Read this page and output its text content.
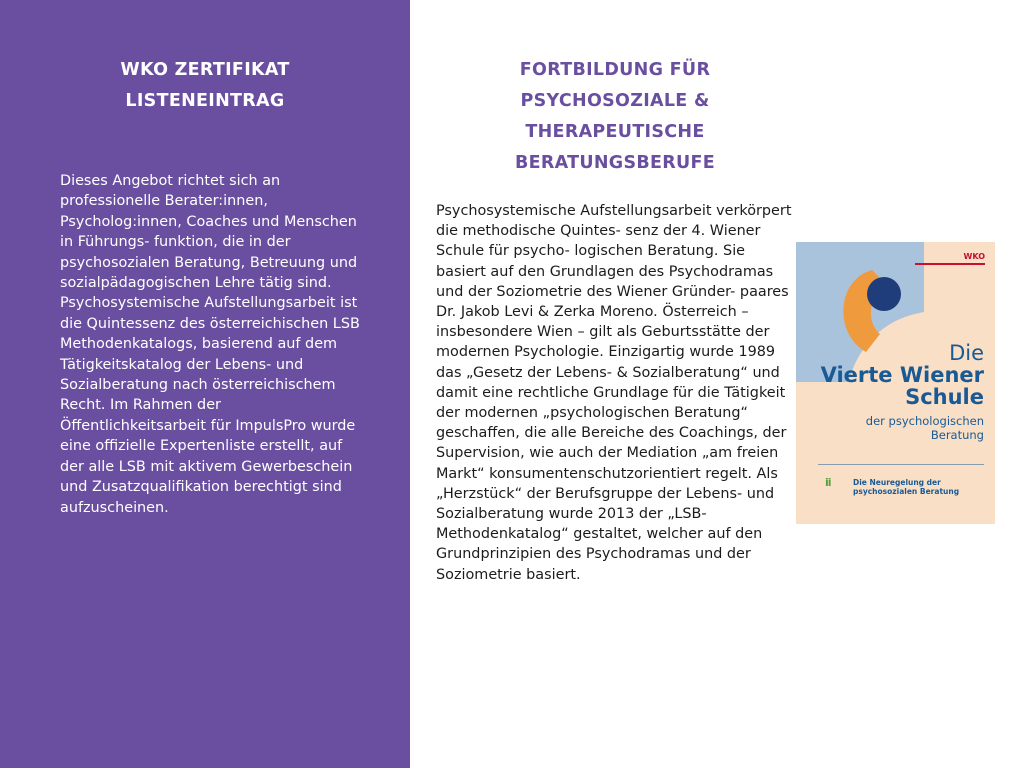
WKO ZERTIFIKAT
LISTENEINTRAG
Dieses Angebot richtet sich an professionelle Berater:innen, Psycholog:innen, Coaches und Menschen in Führungs- funktion, die in der psychosozialen Beratung, Betreuung und sozialpädagogischen Lehre tätig sind. Psychosystemische Aufstellungsarbeit ist die Quintessenz des österreichischen LSB Methodenkatalogs, basierend auf dem Tätigkeitskatalog der Lebens- und Sozialberatung nach österreichischem Recht. Im Rahmen der Öffentlichkeitsarbeit für ImpulsPro wurde eine offizielle Expertenliste erstellt, auf der alle LSB mit aktivem Gewerbeschein und Zusatzqualifikation berechtigt sind aufzuscheinen.
FORTBILDUNG FÜR
PSYCHOSOZIALE &
THERAPEUTISCHE
BERATUNGSBERUFE
Psychosystemische Aufstellungsarbeit verkörpert die methodische Quintes- senz der 4. Wiener Schule für psycho- logischen Beratung. Sie basiert auf den Grundlagen des Psychodramas und der Soziometrie des Wiener Gründer- paares Dr. Jakob Levi & Zerka Moreno. Österreich – insbesondere Wien – gilt als Geburtsstätte der modernen Psychologie. Einzigartig wurde 1989 das „Gesetz der Lebens- & Sozialberatung“ und damit eine rechtliche Grundlage für die Tätigkeit der modernen „psychologischen Beratung“ geschaffen, die alle Bereiche des Coachings, der Supervision, wie auch der Mediation „am freien Markt“ konsumentenschutzorientiert regelt. Als „Herzstück“ der Berufsgruppe der Lebens- und Sozialberatung wurde 2013 der „LSB-Methodenkatalog“ gestaltet, welcher auf den Grundprinzipien des Psychodramas und der Soziometrie basiert.
WKO
Die
Vierte Wiener
Schule
der psychologischen
Beratung
ii	Die Neuregelung der
psychosozialen Beratung
